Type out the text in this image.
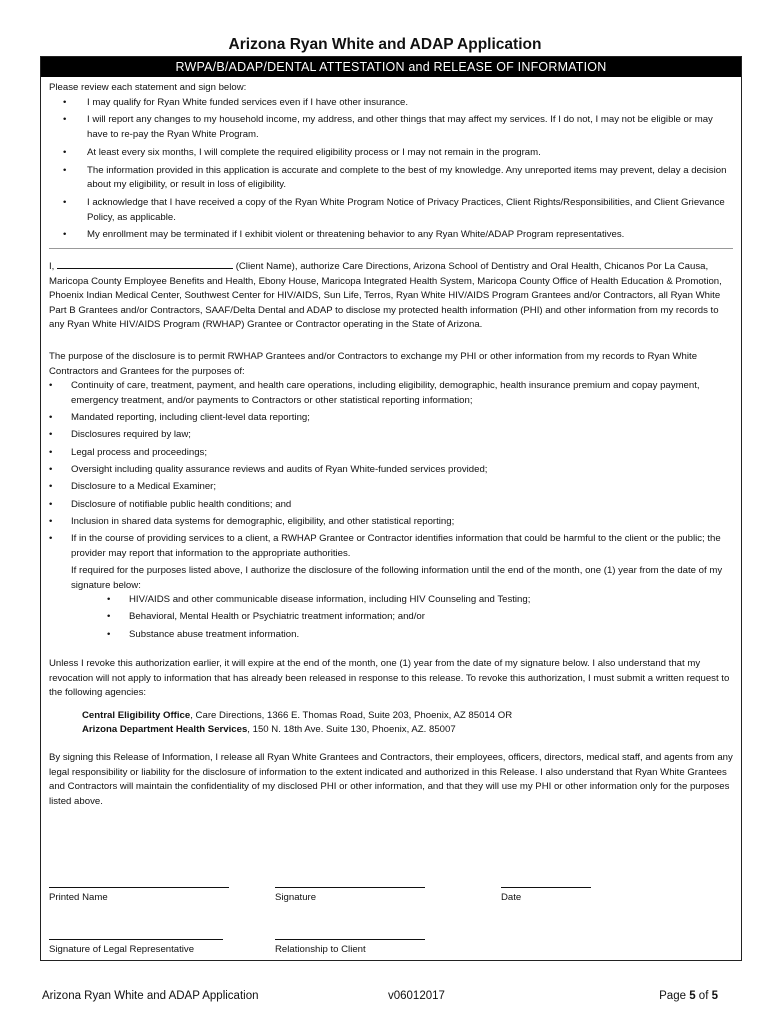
Arizona Ryan White and ADAP Application
RWPA/B/ADAP/DENTAL ATTESTATION and RELEASE OF INFORMATION

Please review each statement and sign below:

• I may qualify for Ryan White funded services even if I have other insurance.
• I will report any changes to my household income, my address, and other things that may affect my services. If I do not, I may not be eligible or may have to re-pay the Ryan White Program.
• At least every six months, I will complete the required eligibility process or I may not remain in the program.
• The information provided in this application is accurate and complete to the best of my knowledge. Any unreported items may prevent, delay a decision about my eligibility, or result in loss of eligibility.
• I acknowledge that I have received a copy of the Ryan White Program Notice of Privacy Practices, Client Rights/Responsibilities, and Client Grievance Policy, as applicable.
• My enrollment may be terminated if I exhibit violent or threatening behavior to any Ryan White/ADAP Program representatives.

I,	(Client Name), authorize Care Directions, Arizona School of Dentistry and Oral Health, Chicanos Por La Causa, Maricopa County Employee Benefits and Health, Ebony House, Maricopa Integrated Health System, Maricopa County Office of Health Education & Promotion, Phoenix Indian Medical Center, Southwest Center for HIV/AIDS, Sun Life, Terros, Ryan White HIV/AIDS Program Grantees and/or Contractors, all Ryan White Part B Grantees and/or Contractors, SAAF/Delta Dental and ADAP to disclose my protected health information (PHI) and other information from my records to any Ryan White HIV/AIDS Program (RWHAP) Grantee or Contractor operating in the State of Arizona.

The purpose of the disclosure is to permit RWHAP Grantees and/or Contractors to exchange my PHI or other information from my records to Ryan White Contractors and Grantees for the purposes of:

• Continuity of care, treatment, payment, and health care operations, including eligibility, demographic, health insurance premium and copay payment, emergency treatment, and/or payments to Contractors or other statistical reporting information;
• Mandated reporting, including client-level data reporting;
• Disclosures required by law;
• Legal process and proceedings;
• Oversight including quality assurance reviews and audits of Ryan White-funded services provided;
• Disclosure to a Medical Examiner;
• Disclosure of notifiable public health conditions; and
• Inclusion in shared data systems for demographic, eligibility, and other statistical reporting;
• If in the course of providing services to a client, a RWHAP Grantee or Contractor identifies information that could be harmful to the client or the public; the provider may report that information to the appropriate authorities.

If required for the purposes listed above, I authorize the disclosure of the following information until the end of the month, one (1) year from the date of my signature below:

• HIV/AIDS and other communicable disease information, including HIV Counseling and Testing;
• Behavioral, Mental Health or Psychiatric treatment information; and/or
• Substance abuse treatment information.

Unless I revoke this authorization earlier, it will expire at the end of the month, one (1) year from the date of my signature below. I also understand that my revocation will not apply to information that has already been released in response to this release. To revoke this authorization, I must submit a written request to the following agencies:

Central Eligibility Office, Care Directions, 1366 E. Thomas Road, Suite 203, Phoenix, AZ 85014 OR

Arizona Department Health Services, 150 N. 18th Ave. Suite 130, Phoenix, AZ. 85007

By signing this Release of Information, I release all Ryan White Grantees and Contractors, their employees, officers, directors, medical staff, and agents from any legal responsibility or liability for the disclosure of information to the extent indicated and authorized in this Release. I also understand that Ryan White Grantees and Contractors will maintain the confidentiality of my disclosed PHI or other information, and that they will use my PHI or other information only for the purposes listed above.

Printed Name	Signature	Date
Signature of Legal Representative	Relationship to Client
Arizona Ryan White and ADAP Application	v06012017	Page 5 of 5
